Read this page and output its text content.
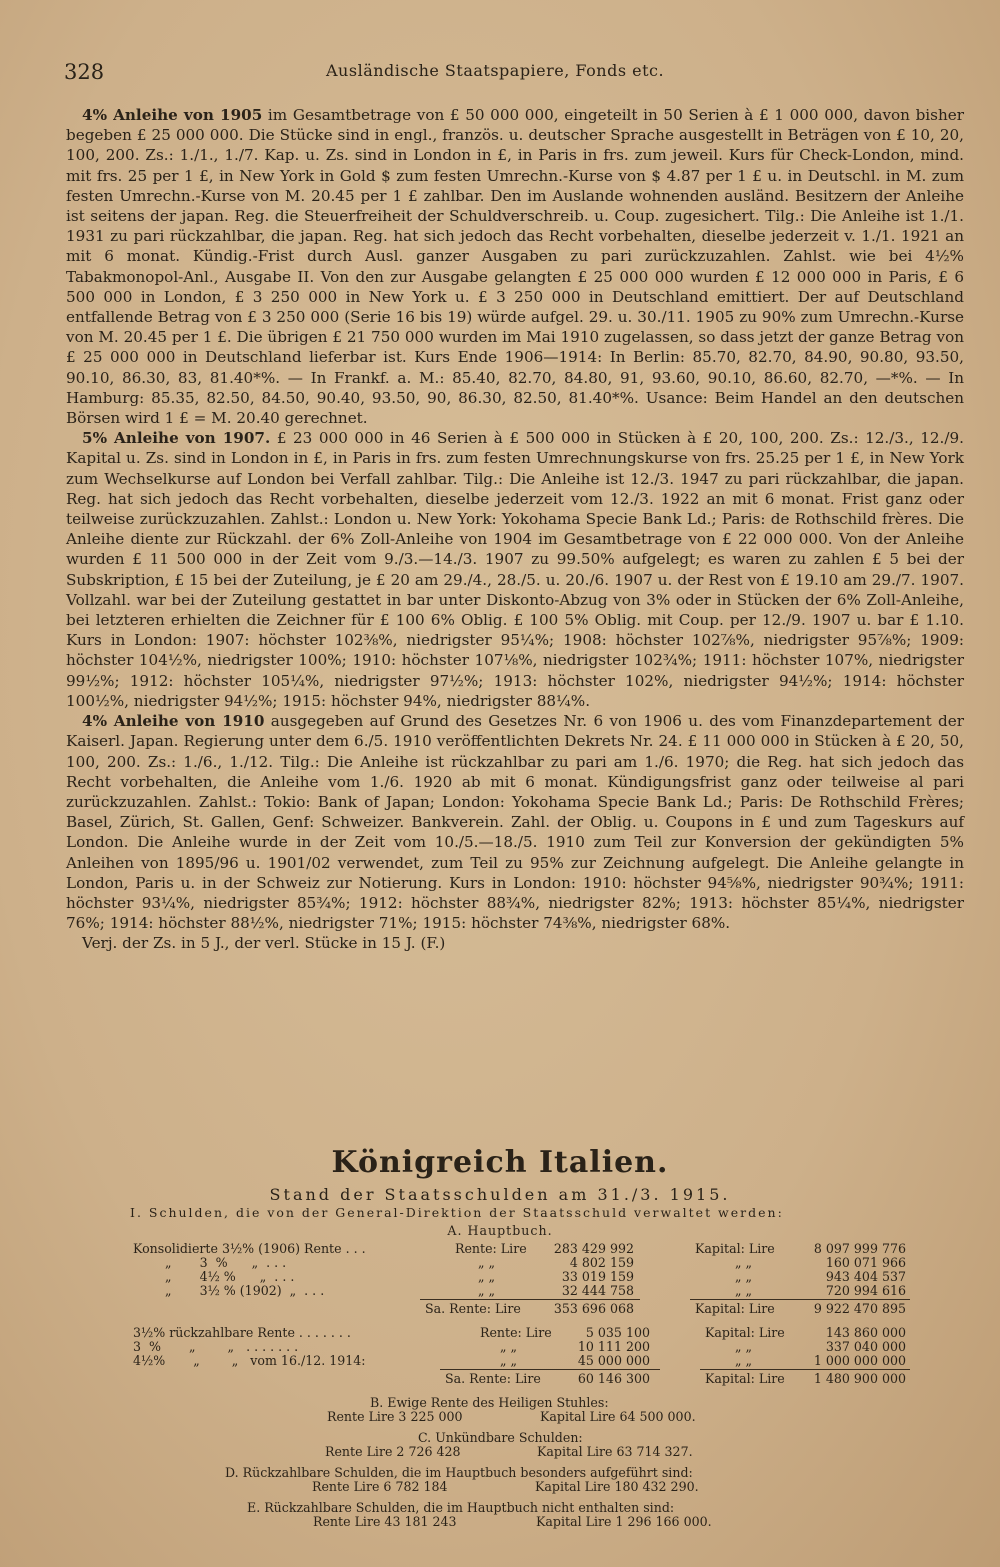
328	Ausländische Staatspapiere, Fonds etc.

4% Anleihe von 1905 im Gesamtbetrage von £ 50 000 000, eingeteilt in 50 Serien à £ 1 000 000, davon bisher begeben £ 25 000 000. Die Stücke sind in engl., französ. u. deutscher Sprache ausgestellt in Beträgen von £ 10, 20, 100, 200. Zs.: 1./1., 1./7. Kap. u. Zs. sind in London in £, in Paris in frs. zum jeweil. Kurs für Check-London, mind. mit frs. 25 per 1 £, in New York in Gold $ zum festen Umrechn.-Kurse von $ 4.87 per 1 £ u. in Deutschl. in M. zum festen Umrechn.-Kurse von M. 20.45 per 1 £ zahlbar. Den im Auslande wohnenden ausländ. Besitzern der Anleihe ist seitens der japan. Reg. die Steuerfreiheit der Schuldverschreib. u. Coup. zugesichert. Tilg.: Die Anleihe ist 1./1. 1931 zu pari rückzahlbar, die japan. Reg. hat sich jedoch das Recht vorbehalten, dieselbe jederzeit v. 1./1. 1921 an mit 6 monat. Kündig.-Frist durch Ausl. ganzer Ausgaben zu pari zurückzuzahlen. Zahlst. wie bei 4½% Tabakmonopol-Anl., Ausgabe II. Von den zur Ausgabe gelangten £ 25 000 000 wurden £ 12 000 000 in Paris, £ 6 500 000 in London, £ 3 250 000 in New York u. £ 3 250 000 in Deutschland emittiert. Der auf Deutschland entfallende Betrag von £ 3 250 000 (Serie 16 bis 19) würde aufgel. 29. u. 30./11. 1905 zu 90% zum Umrechn.-Kurse von M. 20.45 per 1 £. Die übrigen £ 21 750 000 wurden im Mai 1910 zugelassen, so dass jetzt der ganze Betrag von £ 25 000 000 in Deutschland lieferbar ist. Kurs Ende 1906—1914: In Berlin: 85.70, 82.70, 84.90, 90.80, 93.50, 90.10, 86.30, 83, 81.40*%. — In Frankf. a. M.: 85.40, 82.70, 84.80, 91, 93.60, 90.10, 86.60, 82.70, —*%. — In Hamburg: 85.35, 82.50, 84.50, 90.40, 93.50, 90, 86.30, 82.50, 81.40*%. Usance: Beim Handel an den deutschen Börsen wird 1 £ = M. 20.40 gerechnet.

5% Anleihe von 1907. £ 23 000 000 in 46 Serien à £ 500 000 in Stücken à £ 20, 100, 200. Zs.: 12./3., 12./9. Kapital u. Zs. sind in London in £, in Paris in frs. zum festen Umrechnungskurse von frs. 25.25 per 1 £, in New York zum Wechselkurse auf London bei Verfall zahlbar. Tilg.: Die Anleihe ist 12./3. 1947 zu pari rückzahlbar, die japan. Reg. hat sich jedoch das Recht vorbehalten, dieselbe jederzeit vom 12./3. 1922 an mit 6 monat. Frist ganz oder teilweise zurückzuzahlen. Zahlst.: London u. New York: Yokohama Specie Bank Ld.; Paris: de Rothschild frères. Die Anleihe diente zur Rückzahl. der 6% Zoll-Anleihe von 1904 im Gesamtbetrage von £ 22 000 000. Von der Anleihe wurden £ 11 500 000 in der Zeit vom 9./3.—14./3. 1907 zu 99.50% aufgelegt; es waren zu zahlen £ 5 bei der Subskription, £ 15 bei der Zuteilung, je £ 20 am 29./4., 28./5. u. 20./6. 1907 u. der Rest von £ 19.10 am 29./7. 1907. Vollzahl. war bei der Zuteilung gestattet in bar unter Diskonto-Abzug von 3% oder in Stücken der 6% Zoll-Anleihe, bei letzteren erhielten die Zeichner für £ 100 6% Oblig. £ 100 5% Oblig. mit Coup. per 12./9. 1907 u. bar £ 1.10. Kurs in London: 1907: höchster 102⅜%, niedrigster 95¼%; 1908: höchster 102⅞%, niedrigster 95⅞%; 1909: höchster 104½%, niedrigster 100%; 1910: höchster 107⅛%, niedrigster 102¾%; 1911: höchster 107%, niedrigster 99½%; 1912: höchster 105¼%, niedrigster 97½%; 1913: höchster 102%, niedrigster 94½%; 1914: höchster 100½%, niedrigster 94½%; 1915: höchster 94%, niedrigster 88¼%.

4% Anleihe von 1910 ausgegeben auf Grund des Gesetzes Nr. 6 von 1906 u. des vom Finanzdepartement der Kaiserl. Japan. Regierung unter dem 6./5. 1910 veröffentlichten Dekrets Nr. 24. £ 11 000 000 in Stücken à £ 20, 50, 100, 200. Zs.: 1./6., 1./12. Tilg.: Die Anleihe ist rückzahlbar zu pari am 1./6. 1970; die Reg. hat sich jedoch das Recht vorbehalten, die Anleihe vom 1./6. 1920 ab mit 6 monat. Kündigungsfrist ganz oder teilweise al pari zurückzuzahlen. Zahlst.: Tokio: Bank of Japan; London: Yokohama Specie Bank Ld.; Paris: De Rothschild Frères; Basel, Zürich, St. Gallen, Genf: Schweizer. Bankverein. Zahl. der Oblig. u. Coupons in £ und zum Tageskurs auf London. Die Anleihe wurde in der Zeit vom 10./5.—18./5. 1910 zum Teil zur Konversion der gekündigten 5% Anleihen von 1895/96 u. 1901/02 verwendet, zum Teil zu 95% zur Zeichnung aufgelegt. Die Anleihe gelangte in London, Paris u. in der Schweiz zur Notierung. Kurs in London: 1910: höchster 94⅝%, niedrigster 90¾%; 1911: höchster 93¼%, niedrigster 85¾%; 1912: höchster 88¾%, niedrigster 82%; 1913: höchster 85¼%, niedrigster 76%; 1914: höchster 88½%, niedrigster 71%; 1915: höchster 74⅜%, niedrigster 68%.

Verj. der Zs. in 5 J., der verl. Stücke in 15 J. (F.)

Königreich Italien.
Stand der Staatsschulden am 31./3. 1915.
I. Schulden, die von der General-Direktion der Staatsschuld verwaltet werden:
A. Hauptbuch.
Konsolidierte 3½% (1906) Rente . . .	Rente: Lire	283 429 992	Kapital: Lire	8 097 999 776
„       3  %      „  . . .	„ „	4 802 159	„ „	160 071 966
„       4½ %      „  . . .	„ „	33 019 159	„ „	943 404 537
„       3½ % (1902)  „  . . .	„ „	32 444 758	„ „	720 994 616
Sa. Rente: Lire	353 696 068	Kapital: Lire	9 922 470 895
3½% rückzahlbare Rente . . . . . . .	Rente: Lire	5 035 100	Kapital: Lire	143 860 000
3  %       „        „   . . . . . . .	„ „	10 111 200	„ „	337 040 000
4½%       „        „   vom 16./12. 1914:	„ „	45 000 000	„ „	1 000 000 000
Sa. Rente: Lire	60 146 300	Kapital: Lire	1 480 900 000
B. Ewige Rente des Heiligen Stuhles:
Rente Lire 3 225 000	Kapital Lire 64 500 000.
C. Unkündbare Schulden:
Rente Lire 2 726 428	Kapital Lire 63 714 327.
D. Rückzahlbare Schulden, die im Hauptbuch besonders aufgeführt sind:
Rente Lire 6 782 184	Kapital Lire 180 432 290.
E. Rückzahlbare Schulden, die im Hauptbuch nicht enthalten sind:
Rente Lire 43 181 243	Kapital Lire 1 296 166 000.
